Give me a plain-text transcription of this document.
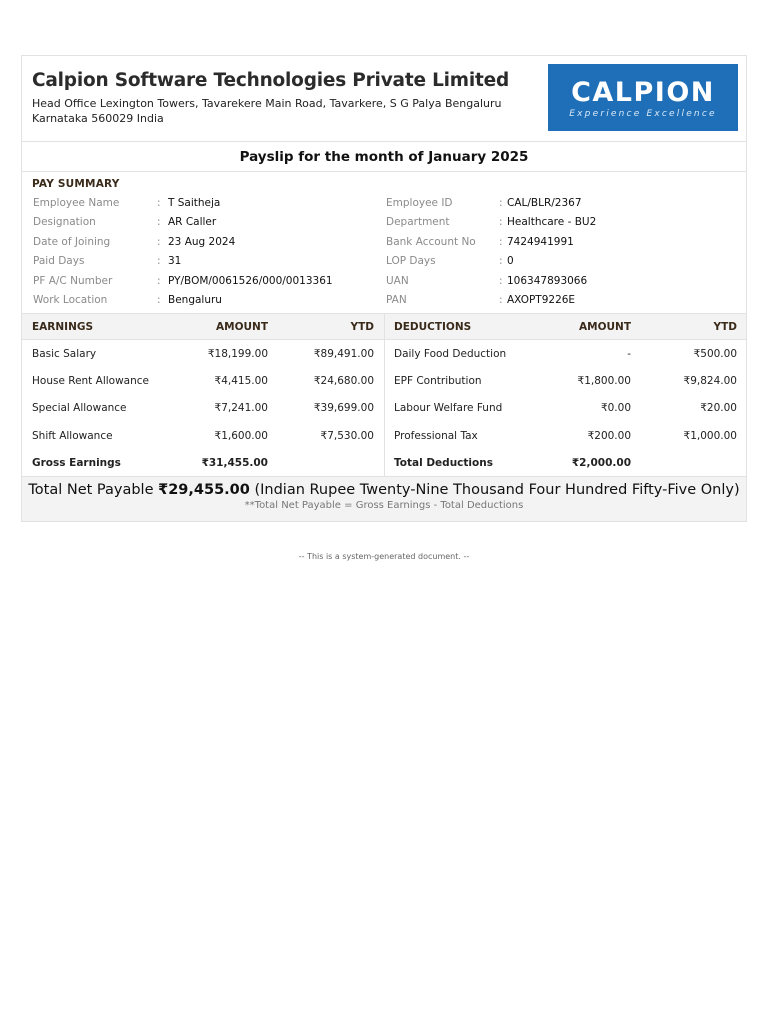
Calpion Software Technologies Private Limited
Head Office Lexington Towers, Tavarekere Main Road, Tavarkere, S G Palya Bengaluru
Karnataka 560029 India
CALPION
Experience Excellence
Payslip for the month of January 2025
PAY SUMMARY
Employee Name	: T Saitheja
Designation	: AR Caller
Date of Joining	: 23 Aug 2024
Paid Days	: 31
PF A/C Number	: PY/BOM/0061526/000/0013361
Work Location	: Bengaluru
Employee ID	: CAL/BLR/2367
Department	: Healthcare - BU2
Bank Account No : 7424941991
LOP Days	: 0
UAN	: 106347893066
PAN	: AXOPT9226E
EARNINGS	AMOUNT	YTD DEDUCTIONS	AMOUNT	YTD
Basic Salary	₹18,199.00	₹89,491.00
House Rent Allowance	₹4,415.00	₹24,680.00
Special Allowance	₹7,241.00	₹39,699.00
Shift Allowance	₹1,600.00	₹7,530.00
Gross Earnings	₹31,455.00
Daily Food Deduction	-	₹500.00
EPF Contribution	₹1,800.00	₹9,824.00
Labour Welfare Fund	₹0.00	₹20.00
Professional Tax	₹200.00	₹1,000.00
Total Deductions	₹2,000.00
Total Net Payable ₹29,455.00 (Indian Rupee Twenty-Nine Thousand Four Hundred Fifty-Five Only)
**Total Net Payable = Gross Earnings - Total Deductions
-- This is a system-generated document. --
